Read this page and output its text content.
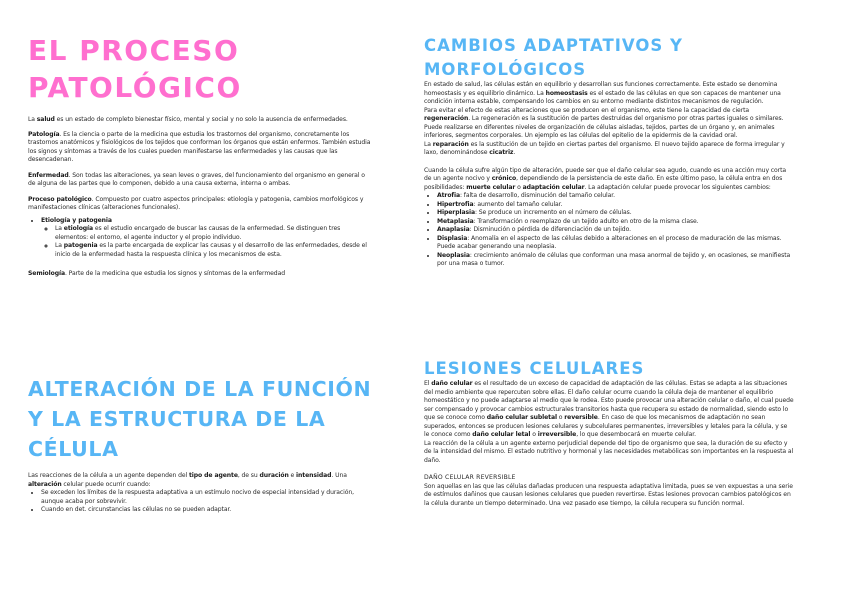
EL PROCESO
PATOLÓGICO

La salud es un estado de completo bienestar físico, mental y social y no solo la ausencia de enfermedades.

Patología. Es la ciencia o parte de la medicina que estudia los trastornos del organismo, concretamente los trastornos anatómicos y fisiológicos de los tejidos que conforman los órganos que están enfermos. También estudia los signos y síntomas a través de los cuales pueden manifestarse las enfermedades y las causas que las desencadenan.

Enfermedad. Son todas las alteraciones, ya sean leves o graves, del funcionamiento del organismo en general o de alguna de las partes que lo componen, debido a una causa externa, interna o ambas.

Proceso patológico. Compuesto por cuatro aspectos principales: etiología y patogenia, cambios morfológicos y manifestaciones clínicas (alteraciones funcionales).

• Etiología y patogenia
◦ La etiología es el estudio encargado de buscar las causas de la enfermedad. Se distinguen tres elementos: el entorno, el agente inductor y el propio individuo.
◦ La patogenia es la parte encargada de explicar las causas y el desarrollo de las enfermedades, desde el inicio de la enfermedad hasta la respuesta clínica y los mecanismos de esta.

Semiología. Parte de la medicina que estudia los signos y síntomas de la enfermedad

ALTERACIÓN DE LA FUNCIÓN
Y LA ESTRUCTURA DE LA
CÉLULA

Las reacciones de la célula a un agente dependen del tipo de agente, de su duración e intensidad. Una alteración celular puede ocurrir cuando:

• Se exceden los límites de la respuesta adaptativa a un estímulo nocivo de especial intensidad y duración, aunque acaba por sobrevivir.
• Cuando en det. circunstancias las células no se pueden adaptar.
CAMBIOS ADAPTATIVOS Y
MORFOLÓGICOS

En estado de salud, las células están en equilibrio y desarrollan sus funciones correctamente. Este estado se denomina homeostasis y es equilibrio dinámico. La homeostasis es el estado de las células en que son capaces de mantener una condición interna estable, compensando los cambios en su entorno mediante distintos mecanismos de regulación.

Para evitar el efecto de estas alteraciones que se producen en el organismo, este tiene la capacidad de cierta regeneración. La regeneración es la sustitución de partes destruidas del organismo por otras partes iguales o similares. Puede realizarse en diferentes niveles de organización de células aisladas, tejidos, partes de un órgano y, en animales inferiores, segmentos corporales. Un ejemplo es las células del epitelio de la epidermis de la cavidad oral.

La reparación es la sustitución de un tejido en ciertas partes del organismo. El nuevo tejido aparece de forma irregular y laxo, denominándose cicatriz.

Cuando la célula sufre algún tipo de alteración, puede ser que el daño celular sea agudo, cuando es una acción muy corta de un agente nocivo y crónico, dependiendo de la persistencia de este daño. En este último paso, la célula entra en dos posibilidades: muerte celular o adaptación celular. La adaptación celular puede provocar los siguientes cambios:

• Atrofia: falta de desarrollo, disminución del tamaño celular.
• Hipertrofia: aumento del tamaño celular.
• Hiperplasia: Se produce un incremento en el número de células.
• Metaplasia: Transformación o reemplazo de un tejido adulto en otro de la misma clase.
• Anaplasia: Disminución o pérdida de diferenciación de un tejido.
• Displasia: Anomalía en el aspecto de las células debido a alteraciones en el proceso de maduración de las mismas. Puede acabar generando una neoplasia.
• Neoplasia: crecimiento anómalo de células que conforman una masa anormal de tejido y, en ocasiones, se manifiesta por una masa o tumor.
LESIONES CELULARES

El daño celular es el resultado de un exceso de capacidad de adaptación de las células. Estas se adapta a las situaciones del medio ambiente que repercuten sobre ellas. El daño celular ocurre cuando la célula deja de mantener el equilibrio homeostático y no puede adaptarse al medio que le rodea. Esto puede provocar una alteración celular o daño, el cual puede ser compensado y provocar cambios estructurales transitorios hasta que recupera su estado de normalidad, siendo esto lo que se conoce como daño celular subletal o reversible. En caso de que los mecanismos de adaptación no sean superados, entonces se producen lesiones celulares y subcelulares permanentes, irreversibles y letales para la célula, y se le conoce como daño celular letal o irreversible, lo que desembocará en muerte celular.

La reacción de la célula a un agente externo perjudicial depende del tipo de organismo que sea, la duración de su efecto y de la intensidad del mismo. El estado nutritivo y hormonal y las necesidades metabólicas son importantes en la respuesta al daño.

DAÑO CELULAR REVERSIBLE

Son aquellas en las que las células dañadas producen una respuesta adaptativa limitada, pues se ven expuestas a una serie de estímulos dañinos que causan lesiones celulares que pueden revertirse. Estas lesiones provocan cambios patológicos en la célula durante un tiempo determinado. Una vez pasado ese tiempo, la célula recupera su función normal.
